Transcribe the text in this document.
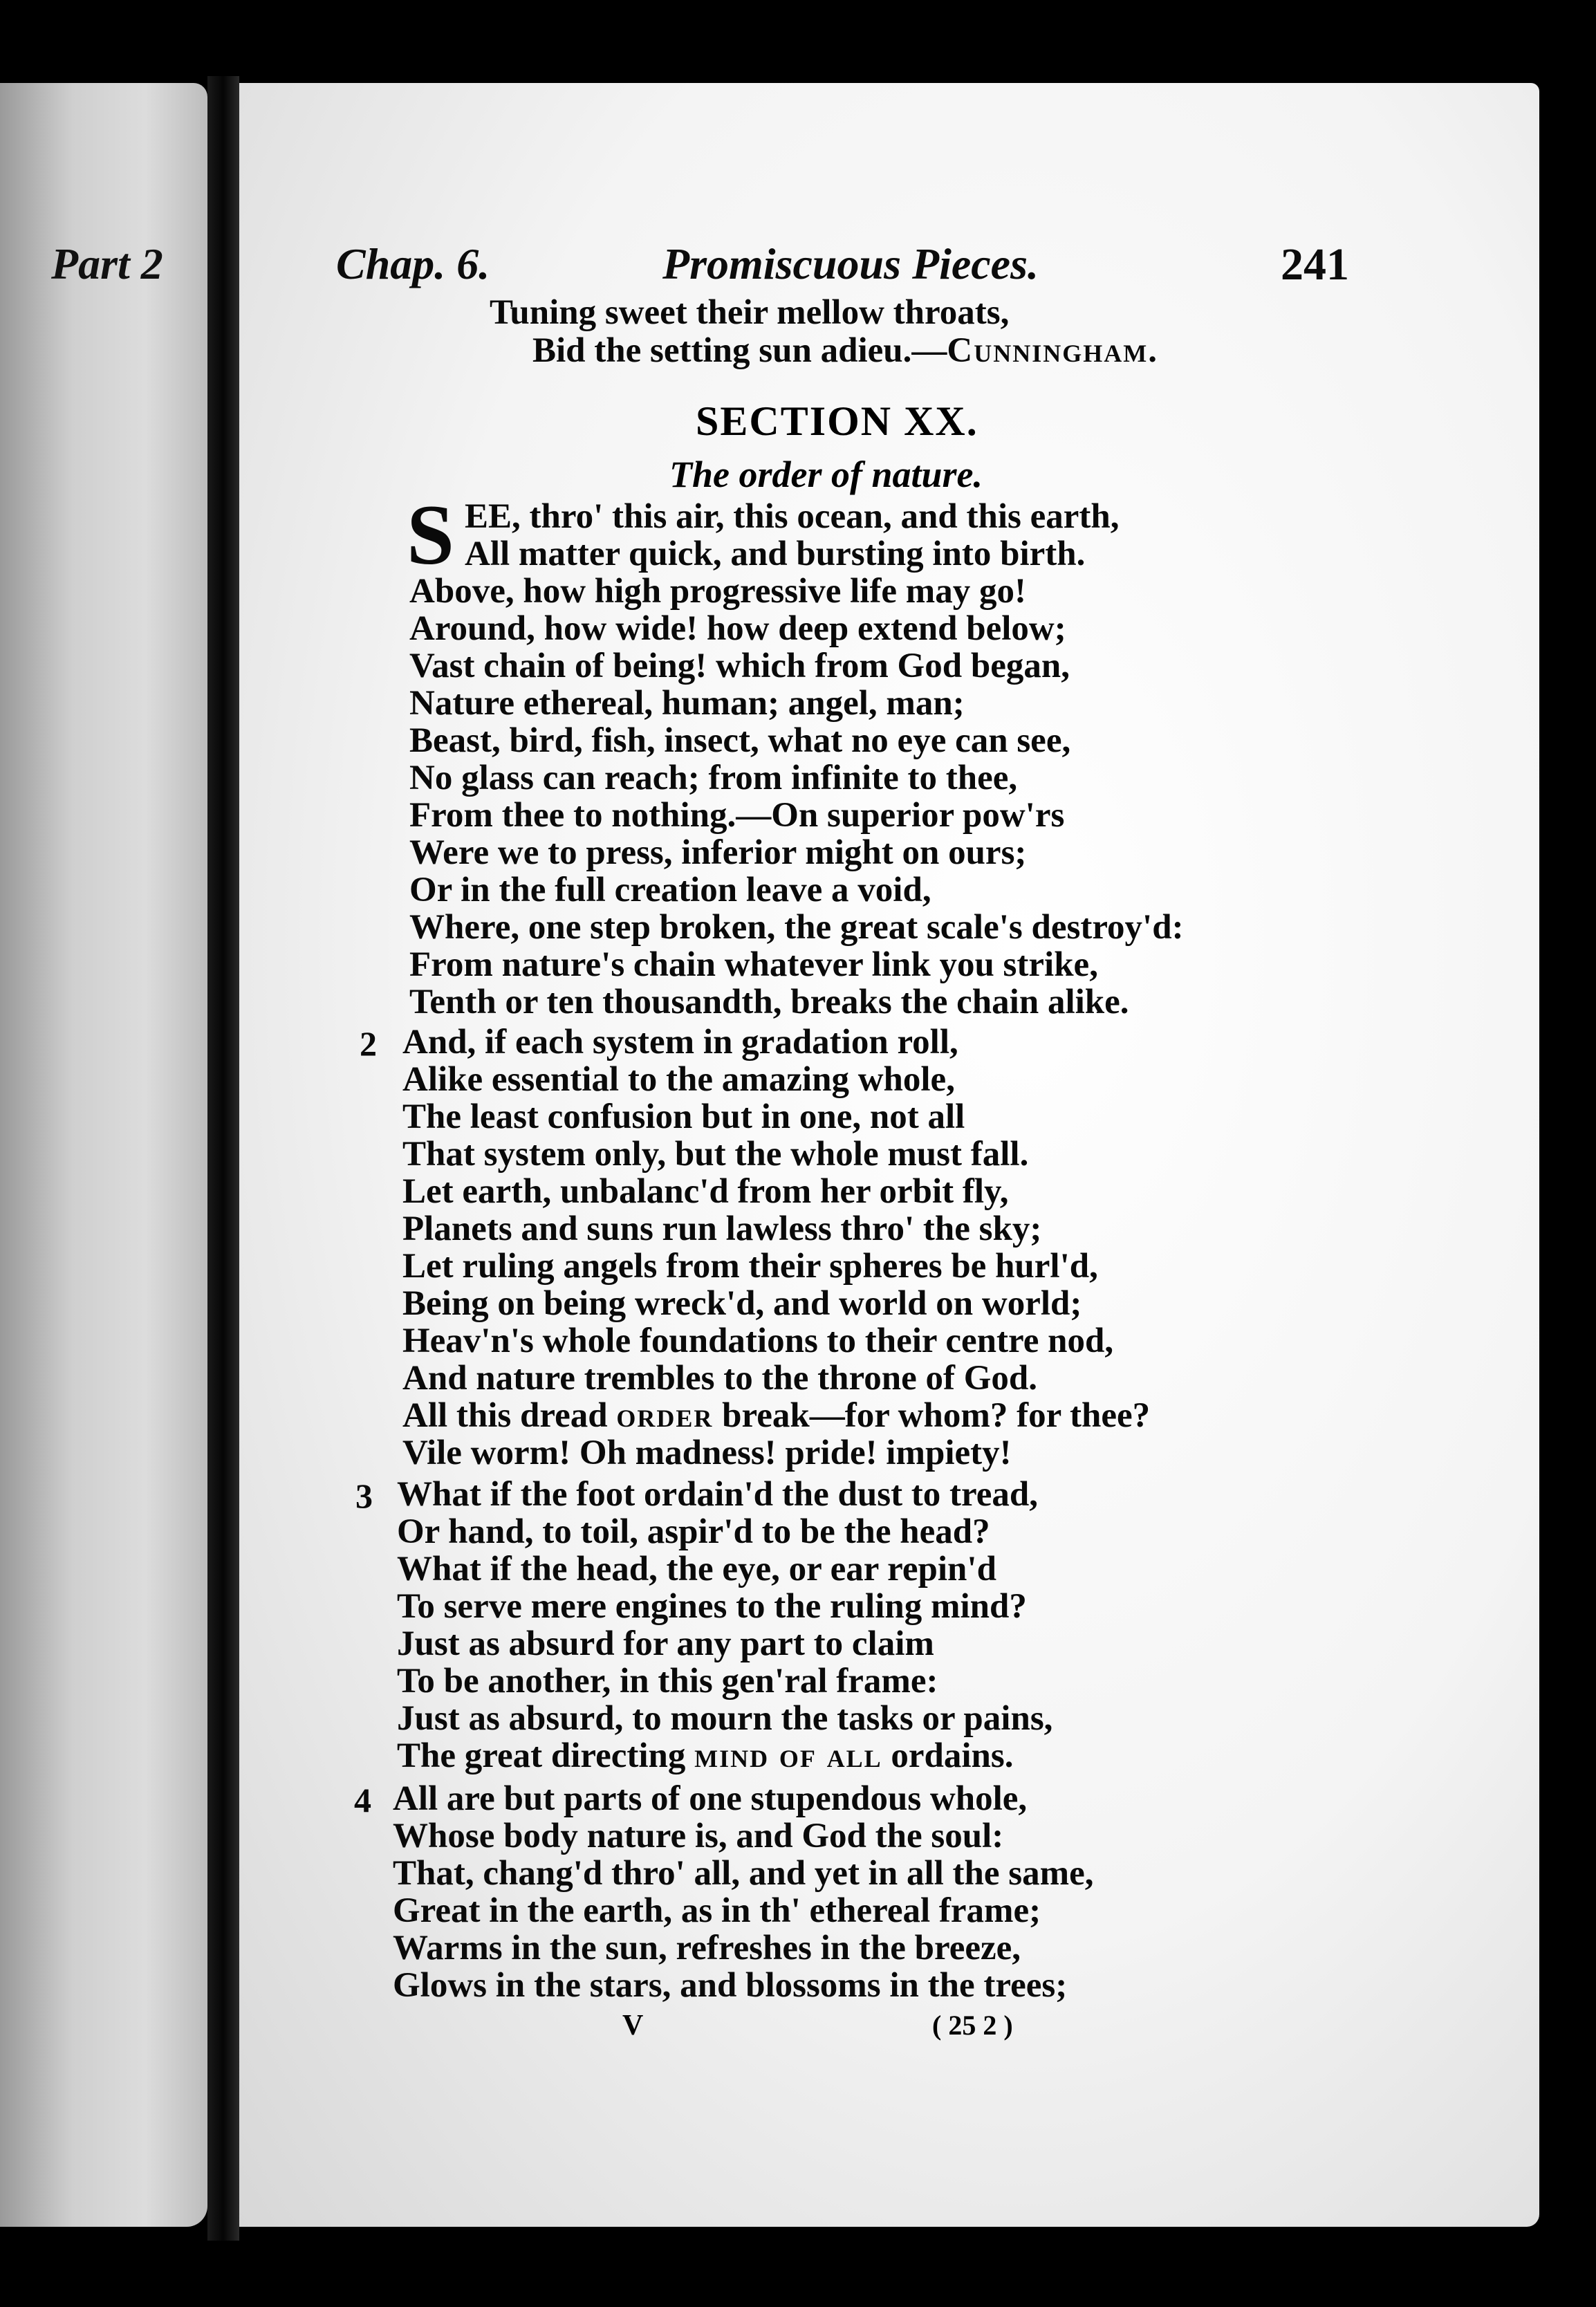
Part 2	Chap. 6.	Promiscuous Pieces.	241
Tuning sweet their mellow throats,
Bid the setting sun adieu.—Cunningham.
SECTION XX.
The order of nature.
S EE, thro' this air, this ocean, and this earth,
All matter quick, and bursting into birth.
Above, how high progressive life may go!
Around, how wide! how deep extend below;
Vast chain of being! which from God began,
Nature ethereal, human; angel, man;
Beast, bird, fish, insect, what no eye can see,
No glass can reach; from infinite to thee,
From thee to nothing.—On superior pow'rs
Were we to press, inferior might on ours;
Or in the full creation leave a void,
Where, one step broken, the great scale's destroy'd:
From nature's chain whatever link you strike,
Tenth or ten thousandth, breaks the chain alike.
2 And, if each system in gradation roll,
Alike essential to the amazing whole,
The least confusion but in one, not all
That system only, but the whole must fall.
Let earth, unbalanc'd from her orbit fly,
Planets and suns run lawless thro' the sky;
Let ruling angels from their spheres be hurl'd,
Being on being wreck'd, and world on world;
Heav'n's whole foundations to their centre nod,
And nature trembles to the throne of God.
All this dread order break—for whom? for thee?
Vile worm! Oh madness! pride! impiety!
3 What if the foot ordain'd the dust to tread,
Or hand, to toil, aspir'd to be the head?
What if the head, the eye, or ear repin'd
To serve mere engines to the ruling mind?
Just as absurd for any part to claim
To be another, in this gen'ral frame:
Just as absurd, to mourn the tasks or pains,
The great directing mind of all ordains.
4 All are but parts of one stupendous whole,
Whose body nature is, and God the soul:
That, chang'd thro' all, and yet in all the same,
Great in the earth, as in th' ethereal frame;
Warms in the sun, refreshes in the breeze,
Glows in the stars, and blossoms in the trees;
V	( 25 2 )
